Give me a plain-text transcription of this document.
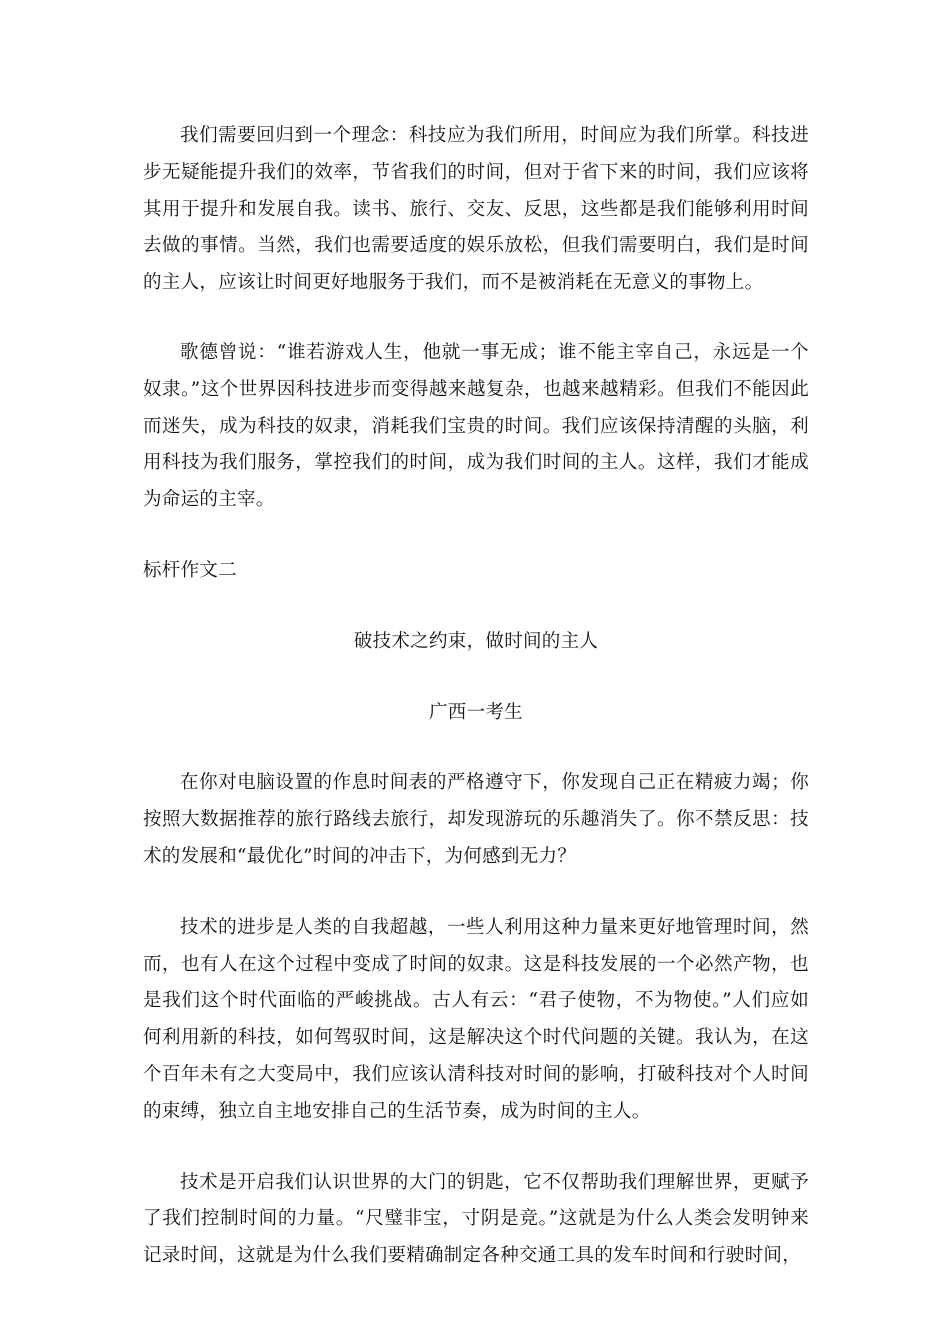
我们需要回归到一个理念：科技应为我们所用，时间应为我们所掌。科技进步无疑能提升我们的效率，节省我们的时间，但对于省下来的时间，我们应该将其用于提升和发展自我。读书、旅行、交友、反思，这些都是我们能够利用时间去做的事情。当然，我们也需要适度的娱乐放松，但我们需要明白，我们是时间的主人，应该让时间更好地服务于我们，而不是被消耗在无意义的事物上。

歌德曾说：“谁若游戏人生，他就一事无成；谁不能主宰自己，永远是一个奴隶。”这个世界因科技进步而变得越来越复杂，也越来越精彩。但我们不能因此而迷失，成为科技的奴隶，消耗我们宝贵的时间。我们应该保持清醒的头脑，利用科技为我们服务，掌控我们的时间，成为我们时间的主人。这样，我们才能成为命运的主宰。

标杆作文二

破技术之约束，做时间的主人

广西一考生

在你对电脑设置的作息时间表的严格遵守下，你发现自己正在精疲力竭；你按照大数据推荐的旅行路线去旅行，却发现游玩的乐趣消失了。你不禁反思：技术的发展和“最优化”时间的冲击下，为何感到无力？

技术的进步是人类的自我超越，一些人利用这种力量来更好地管理时间，然而，也有人在这个过程中变成了时间的奴隶。这是科技发展的一个必然产物，也是我们这个时代面临的严峻挑战。古人有云：“君子使物，不为物使。”人们应如何利用新的科技，如何驾驭时间，这是解决这个时代问题的关键。我认为，在这个百年未有之大变局中，我们应该认清科技对时间的影响，打破科技对个人时间的束缚，独立自主地安排自己的生活节奏，成为时间的主人。

技术是开启我们认识世界的大门的钥匙，它不仅帮助我们理解世界，更赋予了我们控制时间的力量。“尺璧非宝，寸阴是竞。”这就是为什么人类会发明钟来记录时间，这就是为什么我们要精确制定各种交通工具的发车时间和行驶时间，
